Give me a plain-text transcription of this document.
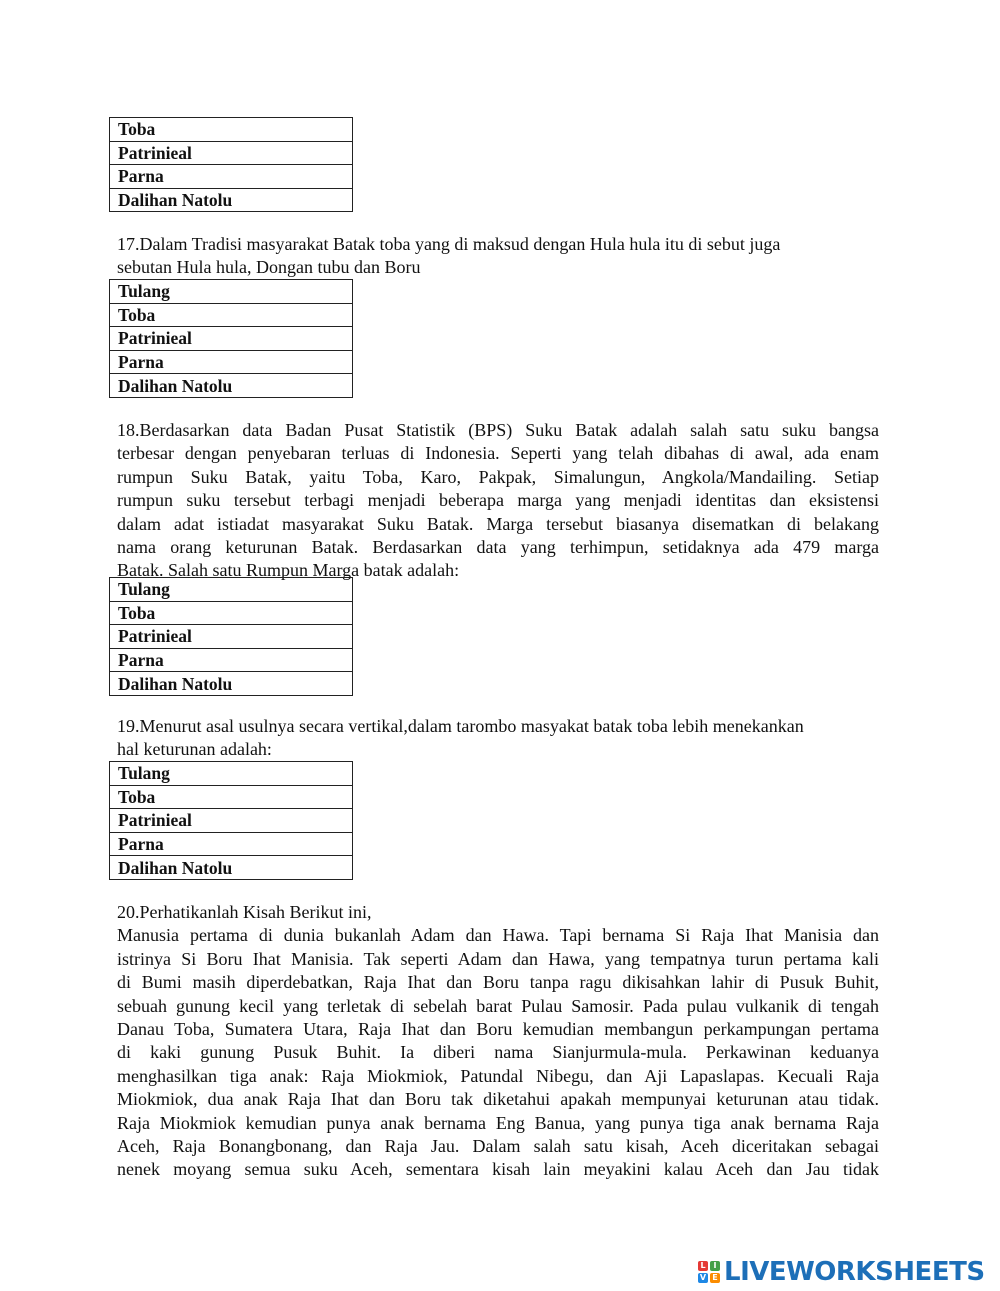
Toba
Patrinieal
Parna
Dalihan Natolu

17.Dalam Tradisi masyarakat Batak toba yang di maksud dengan Hula hula itu di sebut juga
sebutan Hula hula, Dongan tubu dan Boru

Tulang
Toba
Patrinieal
Parna
Dalihan Natolu
18.Berdasarkan data Badan Pusat Statistik (BPS) Suku Batak adalah salah satu suku bangsa
terbesar dengan penyebaran terluas di Indonesia. Seperti yang telah dibahas di awal, ada enam
rumpun Suku Batak, yaitu Toba, Karo, Pakpak, Simalungun, Angkola/Mandailing. Setiap
rumpun suku tersebut terbagi menjadi beberapa marga yang menjadi identitas dan eksistensi
dalam adat istiadat masyarakat Suku Batak. Marga tersebut biasanya disematkan di belakang
nama orang keturunan Batak. Berdasarkan data yang terhimpun, setidaknya ada 479 marga
Batak. Salah satu Rumpun Marga batak adalah:
Tulang
Toba
Patrinieal
Parna
Dalihan Natolu
19.Menurut asal usulnya secara vertikal,dalam tarombo masyakat batak toba lebih menekankan
hal keturunan adalah:
Tulang
Toba
Patrinieal
Parna
Dalihan Natolu
20.Perhatikanlah Kisah Berikut ini,
Manusia pertama di dunia bukanlah Adam dan Hawa. Tapi bernama Si Raja Ihat Manisia dan
istrinya Si Boru Ihat Manisia. Tak seperti Adam dan Hawa, yang tempatnya turun pertama kali
di Bumi masih diperdebatkan, Raja Ihat dan Boru tanpa ragu dikisahkan lahir di Pusuk Buhit,
sebuah gunung kecil yang terletak di sebelah barat Pulau Samosir. Pada pulau vulkanik di tengah
Danau Toba, Sumatera Utara, Raja Ihat dan Boru kemudian membangun perkampungan pertama
di kaki gunung Pusuk Buhit. Ia diberi nama Sianjurmula-mula. Perkawinan keduanya
menghasilkan tiga anak: Raja Miokmiok, Patundal Nibegu, dan Aji Lapaslapas. Kecuali Raja
Miokmiok, dua anak Raja Ihat dan Boru tak diketahui apakah mempunyai keturunan atau tidak.
Raja Miokmiok kemudian punya anak bernama Eng Banua, yang punya tiga anak bernama Raja
Aceh, Raja Bonangbonang, dan Raja Jau. Dalam salah satu kisah, Aceh diceritakan sebagai
nenek moyang semua suku Aceh, sementara kisah lain meyakini kalau Aceh dan Jau tidak
L I
V E LIVEWORKSHEETS
